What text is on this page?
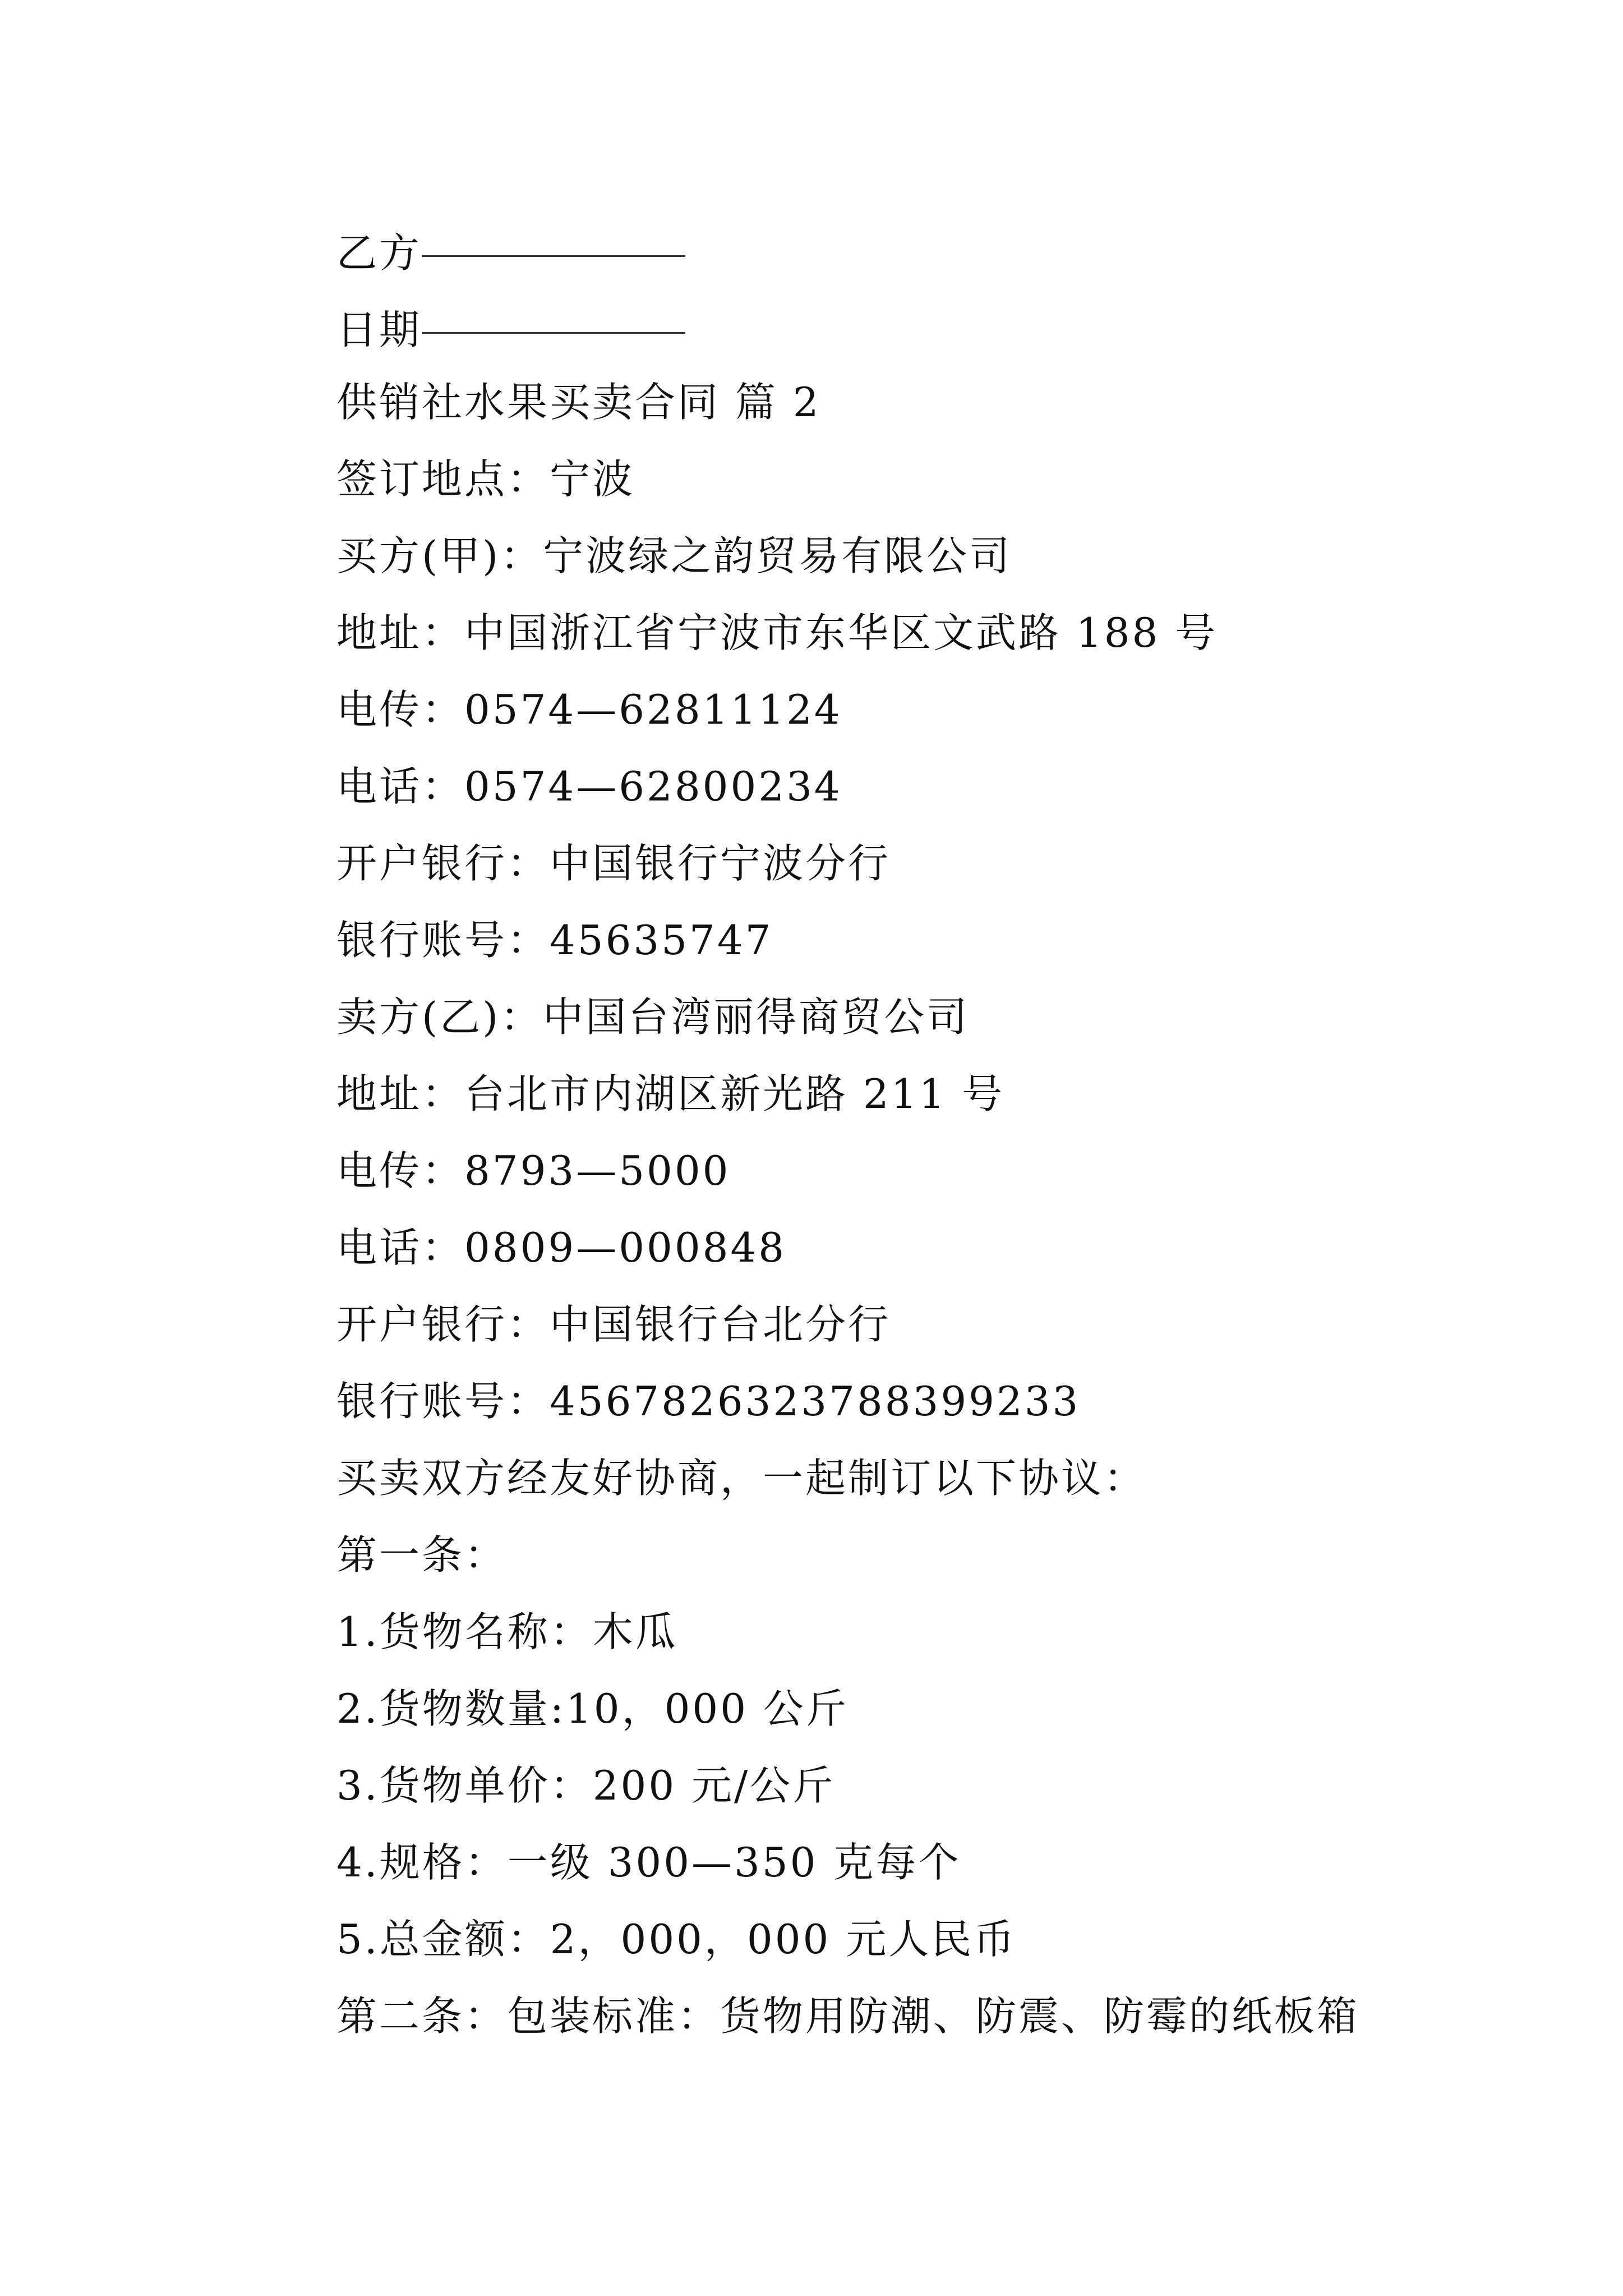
乙方
日期
供销社水果买卖合同 篇 2
签订地点：宁波
买方(甲)：宁波绿之韵贸易有限公司
地址：中国浙江省宁波市东华区文武路 188 号
电传：0574—62811124
电话：0574—62800234
开户银行：中国银行宁波分行
银行账号：45635747
卖方(乙)：中国台湾丽得商贸公司
地址：台北市内湖区新光路 211 号
电传：8793—5000
电话：0809—000848
开户银行：中国银行台北分行
银行账号：4567826323788399233
买卖双方经友好协商，一起制订以下协议：
第一条：
1.货物名称：木瓜
2.货物数量:10，000 公斤
3.货物单价：200 元/公斤
4.规格：一级 300—350 克每个
5.总金额：2，000，000 元人民币
第二条：包装标准：货物用防潮、防震、防霉的纸板箱
